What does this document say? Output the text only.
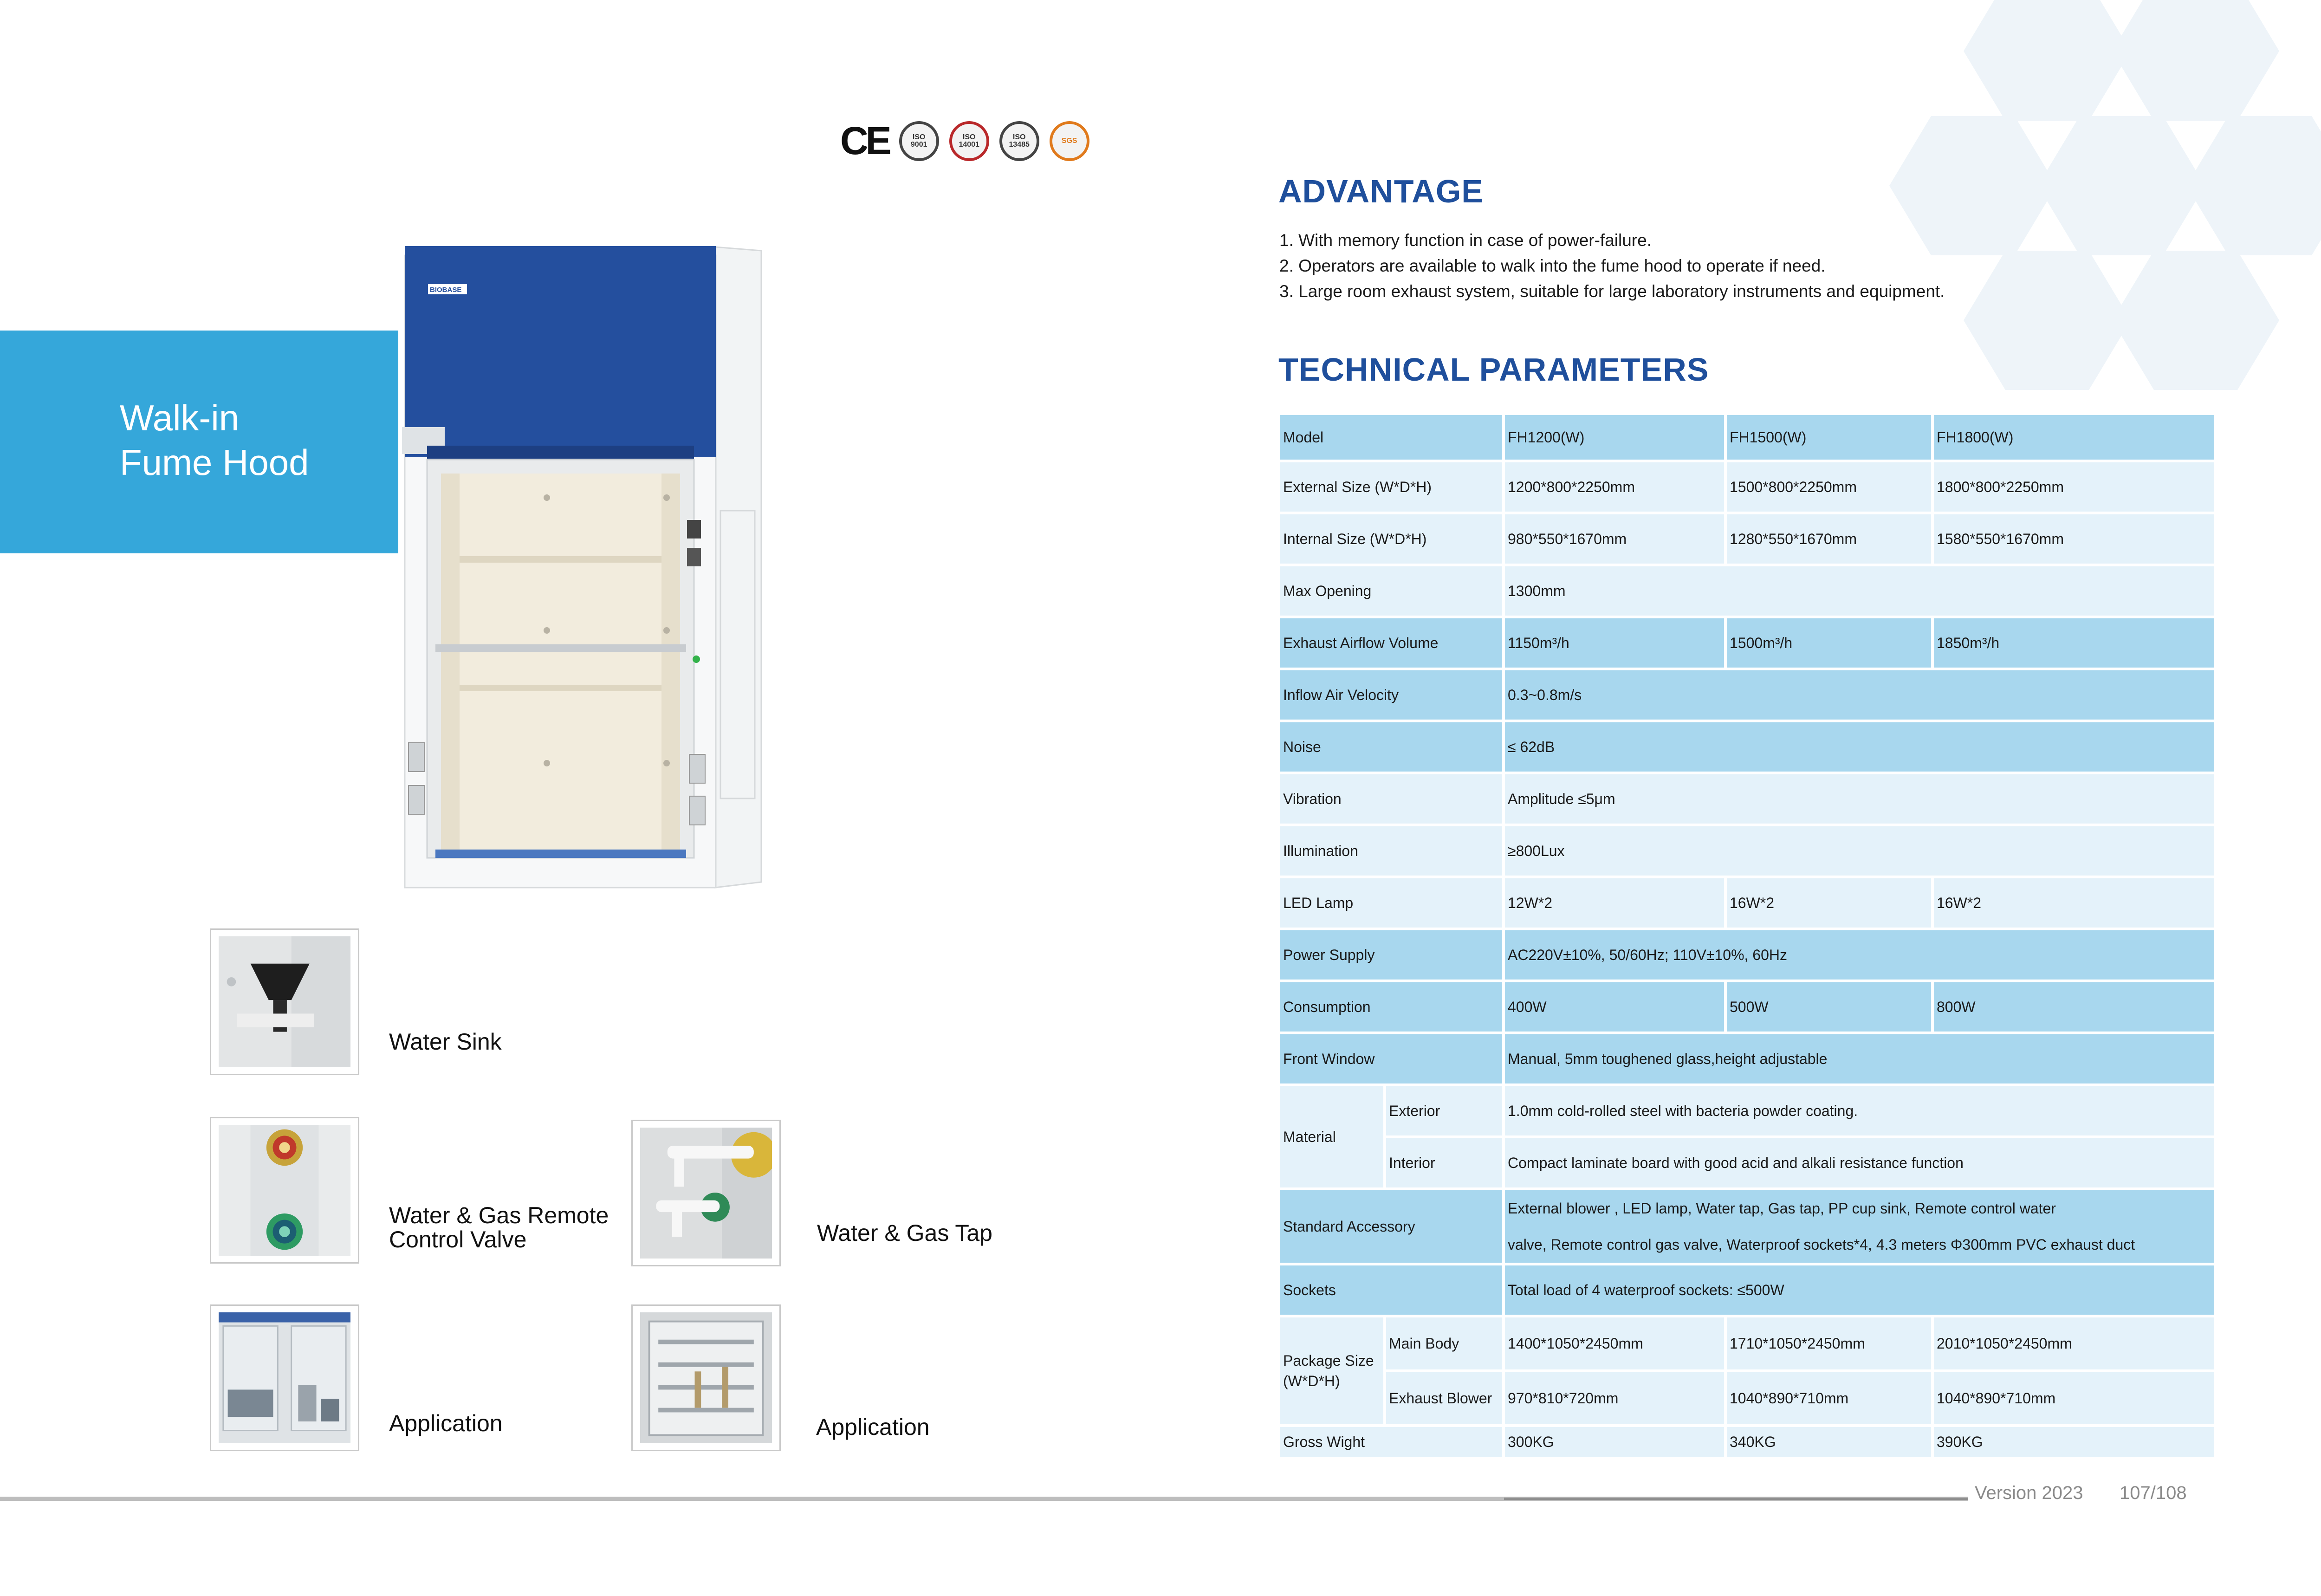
CE	ISO
9001
ISO
14001
ISO
13485	SGS
Walk-in
Fume Hood
BIOBASE
Water Sink
Water & Gas Remote
Control Valve	Water & Gas Tap
Application	Application
ADVANTAGE
1. With memory function in case of power-failure.
2. Operators are available to walk into the fume hood to operate if need.
3. Large room exhaust system, suitable for large laboratory instruments and equipment.
TECHNICAL PARAMETERS
Model		FH1200(W)	FH1500(W)	FH1800(W)
External Size (W*D*H)		1200*800*2250mm	1500*800*2250mm	1800*800*2250mm
Internal Size (W*D*H)		980*550*1670mm	1280*550*1670mm	1580*550*1670mm
Max Opening		1300mm		
Exhaust Airflow Volume		1150m³/h	1500m³/h	1850m³/h
Inflow Air Velocity		0.3~0.8m/s		
Noise		≤ 62dB		
Vibration		Amplitude ≤5μm		
Illumination		≥800Lux		
LED Lamp		12W*2	16W*2	16W*2
Power Supply		AC220V±10%, 50/60Hz; 110V±10%, 60Hz		
Consumption		400W	500W	800W
Front Window		Manual, 5mm toughened glass,height adjustable		
Material	Exterior	1.0mm cold-rolled steel with bacteria powder coating.		
	Interior	Compact laminate board with good acid and alkali resistance function		
Standard Accessory		External blower , LED lamp, Water tap, Gas tap, PP cup sink, Remote control water
valve, Remote control gas valve, Waterproof sockets*4, 4.3 meters Φ300mm PVC exhaust duct		

Sockets		Total load of 4 waterproof sockets: ≤500W		

Package Size
(W*D*H)	Main Body	1400*1050*2450mm	1710*1050*2450mm	2010*1050*2450mm
	Exhaust Blower	970*810*720mm	1040*890*710mm	1040*890*710mm
Gross Wight		300KG	340KG	390KG
Version 2023 107/108
